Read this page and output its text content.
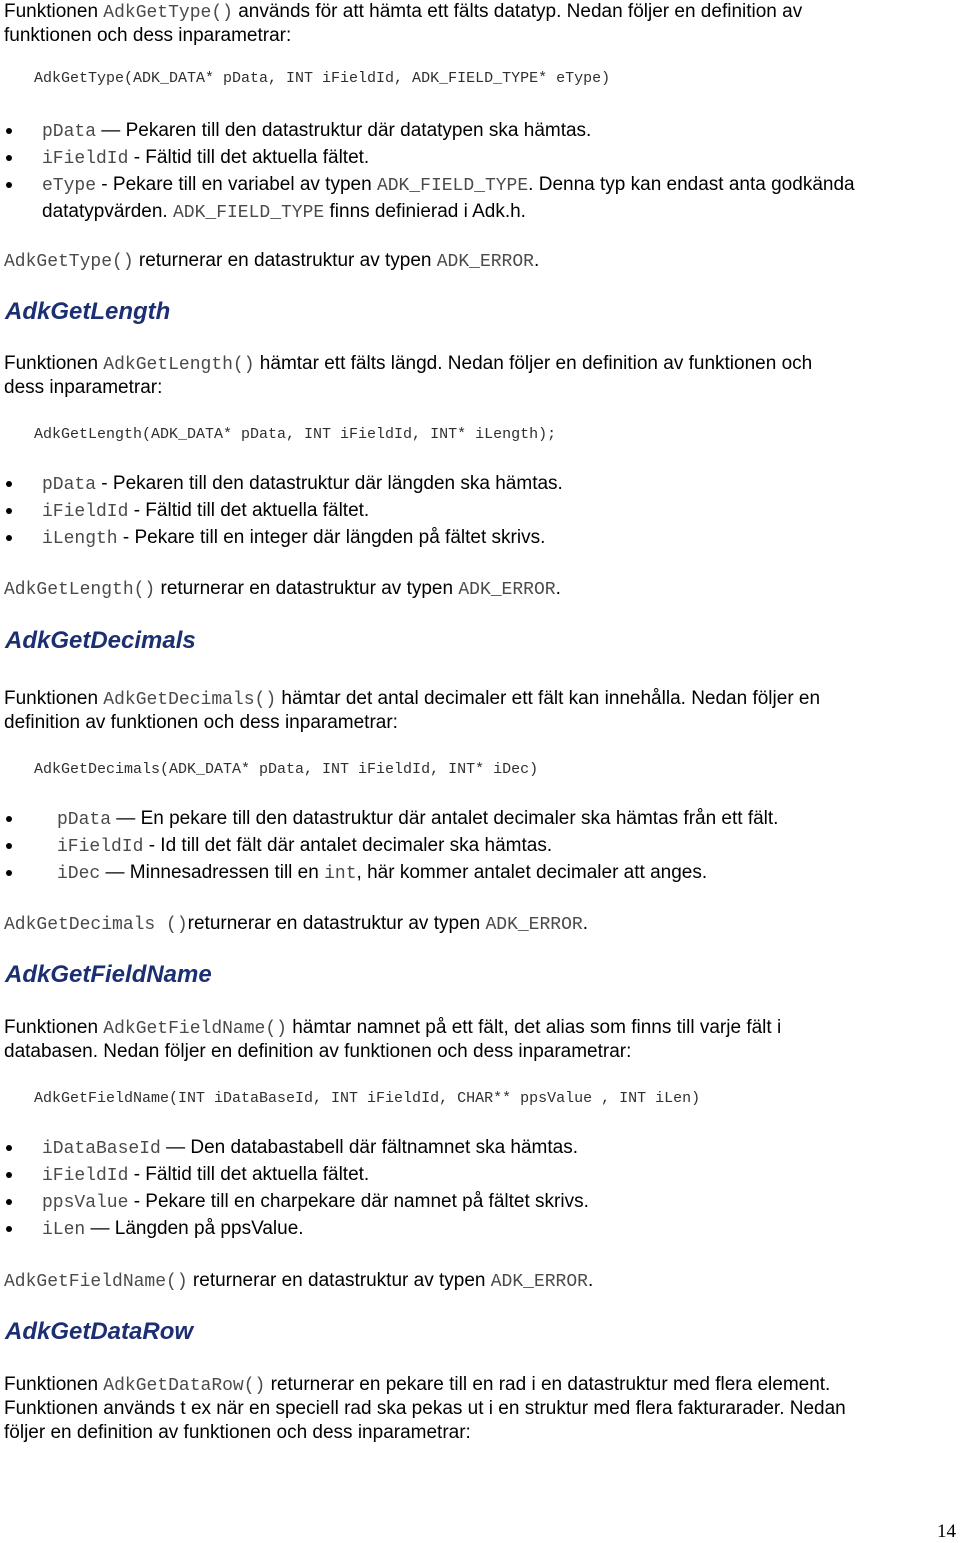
Funktionen AdkGetType() används för att hämta ett fälts datatyp. Nedan följer en definition av
funktionen och dess inparametrar:
AdkGetType(ADK_DATA* pData, INT iFieldId, ADK_FIELD_TYPE* eType)
pData — Pekaren till den datastruktur där datatypen ska hämtas.
iFieldId - Fältid till det aktuella fältet.
eType - Pekare till en variabel av typen ADK_FIELD_TYPE. Denna typ kan endast anta godkända
datatypvärden. ADK_FIELD_TYPE finns definierad i Adk.h.
AdkGetType() returnerar en datastruktur av typen ADK_ERROR.
AdkGetLength
Funktionen AdkGetLength() hämtar ett fälts längd. Nedan följer en definition av funktionen och
dess inparametrar:
AdkGetLength(ADK_DATA* pData, INT iFieldId, INT* iLength);
pData - Pekaren till den datastruktur där längden ska hämtas.
iFieldId - Fältid till det aktuella fältet.
iLength - Pekare till en integer där längden på fältet skrivs.
AdkGetLength() returnerar en datastruktur av typen ADK_ERROR.
AdkGetDecimals
Funktionen AdkGetDecimals() hämtar det antal decimaler ett fält kan innehålla. Nedan följer en
definition av funktionen och dess inparametrar:
AdkGetDecimals(ADK_DATA* pData, INT iFieldId, INT* iDec)
pData — En pekare till den datastruktur där antalet decimaler ska hämtas från ett fält.
iFieldId - Id till det fält där antalet decimaler ska hämtas.
iDec — Minnesadressen till en int, här kommer antalet decimaler att anges.
AdkGetDecimals ()returnerar en datastruktur av typen ADK_ERROR.
AdkGetFieldName
Funktionen AdkGetFieldName() hämtar namnet på ett fält, det alias som finns till varje fält i
databasen. Nedan följer en definition av funktionen och dess inparametrar:
AdkGetFieldName(INT iDataBaseId, INT iFieldId, CHAR** ppsValue , INT iLen)
iDataBaseId — Den databastabell där fältnamnet ska hämtas.
iFieldId - Fältid till det aktuella fältet.
ppsValue - Pekare till en charpekare där namnet på fältet skrivs.
iLen — Längden på ppsValue.
AdkGetFieldName() returnerar en datastruktur av typen ADK_ERROR.
AdkGetDataRow
Funktionen AdkGetDataRow() returnerar en pekare till en rad i en datastruktur med flera element.
Funktionen används t ex när en speciell rad ska pekas ut i en struktur med flera fakturarader. Nedan
följer en definition av funktionen och dess inparametrar:
14
